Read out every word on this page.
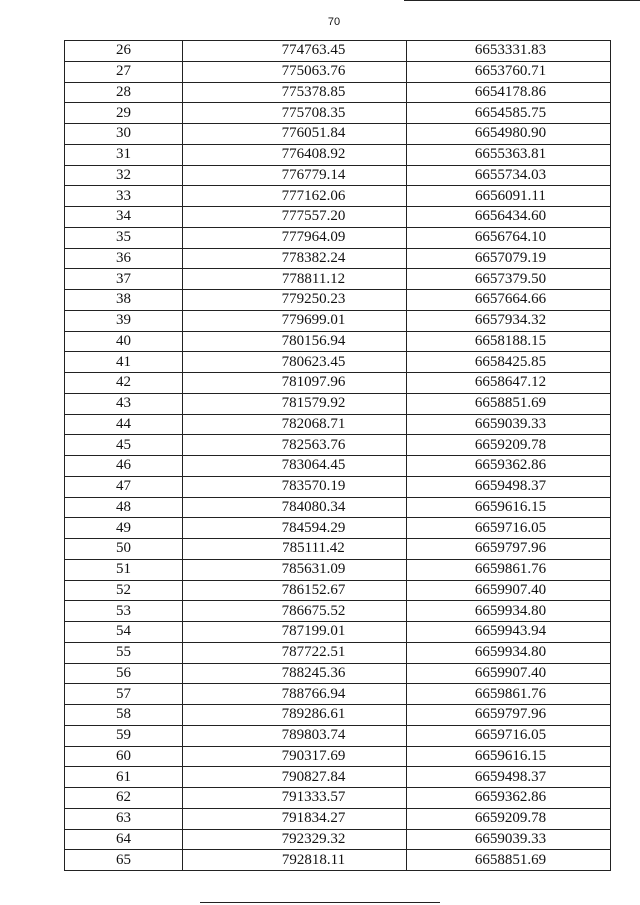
70
26	774763.45	6653331.83
27	775063.76	6653760.71
28	775378.85	6654178.86
29	775708.35	6654585.75
30	776051.84	6654980.90
31	776408.92	6655363.81
32	776779.14	6655734.03
33	777162.06	6656091.11
34	777557.20	6656434.60
35	777964.09	6656764.10
36	778382.24	6657079.19
37	778811.12	6657379.50
38	779250.23	6657664.66
39	779699.01	6657934.32
40	780156.94	6658188.15
41	780623.45	6658425.85
42	781097.96	6658647.12
43	781579.92	6658851.69
44	782068.71	6659039.33
45	782563.76	6659209.78
46	783064.45	6659362.86
47	783570.19	6659498.37
48	784080.34	6659616.15
49	784594.29	6659716.05
50	785111.42	6659797.96
51	785631.09	6659861.76
52	786152.67	6659907.40
53	786675.52	6659934.80
54	787199.01	6659943.94
55	787722.51	6659934.80
56	788245.36	6659907.40
57	788766.94	6659861.76
58	789286.61	6659797.96
59	789803.74	6659716.05
60	790317.69	6659616.15
61	790827.84	6659498.37
62	791333.57	6659362.86
63	791834.27	6659209.78
64	792329.32	6659039.33
65	792818.11	6658851.69
